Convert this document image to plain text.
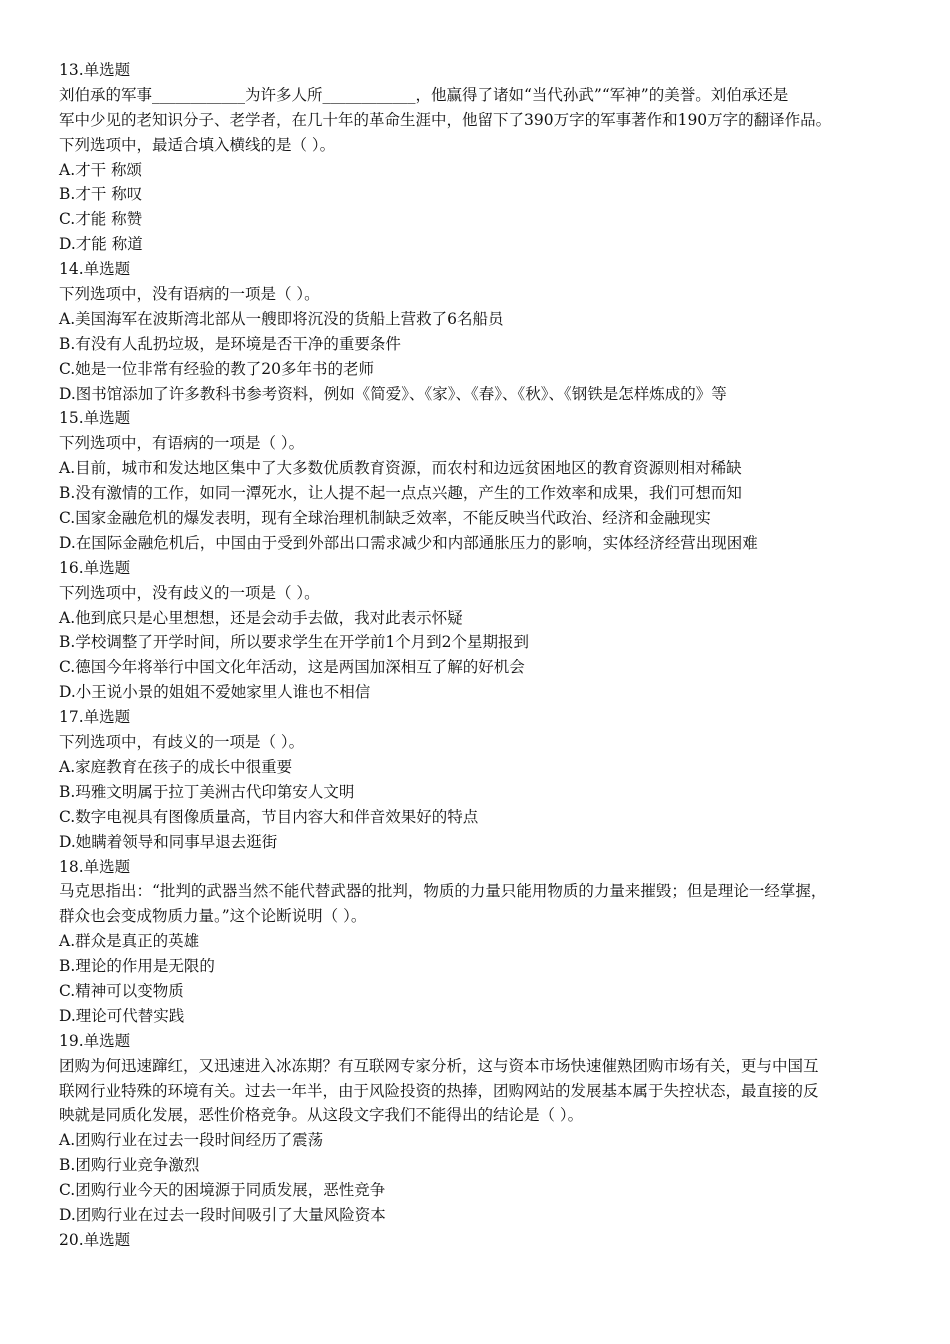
13.单选题
刘伯承的军事____________为许多人所____________，他赢得了诸如“当代孙武”“军神”的美誉。刘伯承还是
军中少见的老知识分子、老学者，在几十年的革命生涯中，他留下了390万字的军事著作和190万字的翻译作品。
下列选项中，最适合填入横线的是（ ）。
A.才干 称颂
B.才干 称叹
C.才能 称赞
D.才能 称道
14.单选题
下列选项中，没有语病的一项是（ ）。
A.美国海军在波斯湾北部从一艘即将沉没的货船上营救了6名船员
B.有没有人乱扔垃圾，是环境是否干净的重要条件
C.她是一位非常有经验的教了20多年书的老师
D.图书馆添加了许多教科书参考资料，例如《简爱》、《家》、《春》、《秋》、《钢铁是怎样炼成的》等
15.单选题
下列选项中，有语病的一项是（ ）。
A.目前，城市和发达地区集中了大多数优质教育资源，而农村和边远贫困地区的教育资源则相对稀缺
B.没有激情的工作，如同一潭死水，让人提不起一点点兴趣，产生的工作效率和成果，我们可想而知
C.国家金融危机的爆发表明，现有全球治理机制缺乏效率，不能反映当代政治、经济和金融现实
D.在国际金融危机后，中国由于受到外部出口需求减少和内部通胀压力的影响，实体经济经营出现困难
16.单选题
下列选项中，没有歧义的一项是（ ）。
A.他到底只是心里想想，还是会动手去做，我对此表示怀疑
B.学校调整了开学时间，所以要求学生在开学前1个月到2个星期报到
C.德国今年将举行中国文化年活动，这是两国加深相互了解的好机会
D.小王说小景的姐姐不爱她家里人谁也不相信
17.单选题
下列选项中，有歧义的一项是（ ）。
A.家庭教育在孩子的成长中很重要
B.玛雅文明属于拉丁美洲古代印第安人文明
C.数字电视具有图像质量高，节目内容大和伴音效果好的特点
D.她瞒着领导和同事早退去逛街
18.单选题
马克思指出：“批判的武器当然不能代替武器的批判，物质的力量只能用物质的力量来摧毁；但是理论一经掌握，
群众也会变成物质力量。”这个论断说明（ ）。
A.群众是真正的英雄
B.理论的作用是无限的
C.精神可以变物质
D.理论可代替实践
19.单选题
团购为何迅速蹿红，又迅速进入冰冻期？有互联网专家分析，这与资本市场快速催熟团购市场有关，更与中国互
联网行业特殊的环境有关。过去一年半，由于风险投资的热捧，团购网站的发展基本属于失控状态，最直接的反
映就是同质化发展，恶性价格竞争。从这段文字我们不能得出的结论是（ ）。
A.团购行业在过去一段时间经历了震荡
B.团购行业竞争激烈
C.团购行业今天的困境源于同质发展，恶性竞争
D.团购行业在过去一段时间吸引了大量风险资本
20.单选题
